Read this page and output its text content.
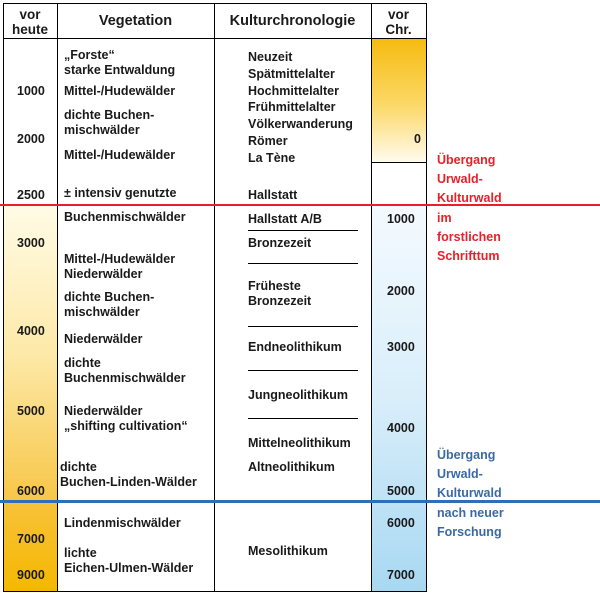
vor
heute
Vegetation	Kulturchronologie	vor
Chr.
1000
2000
2500
3000
4000
5000
6000
7000
9000
„Forste“
starke Entwaldung
Mittel-/Hudewälder
dichte Buchen-
mischwälder
Mittel-/Hudewälder
± intensiv genutzte
Buchenmischwälder
Mittel-/Hudewälder
Niederwälder
dichte Buchen-
mischwälder
Niederwälder
dichte
Buchenmischwälder
Niederwälder
„shifting cultivation“
dichte
Buchen-Linden-Wälder
Lindenmischwälder
lichte
Eichen-Ulmen-Wälder
Neuzeit
Spätmittelalter
Hochmittelalter
Frühmittelalter
Völkerwanderung
Römer
La Tène
Hallstatt
Hallstatt A/B
Bronzezeit
Früheste
Bronzezeit
Endneolithikum
Jungneolithikum
Mittelneolithikum
Altneolithikum
Mesolithikum
0
1000
2000
3000
4000
5000
6000
7000
Übergang
Urwald-
Kulturwald
im
forstlichen
Schrifttum
Übergang
Urwald-
Kulturwald
nach neuer
Forschung
